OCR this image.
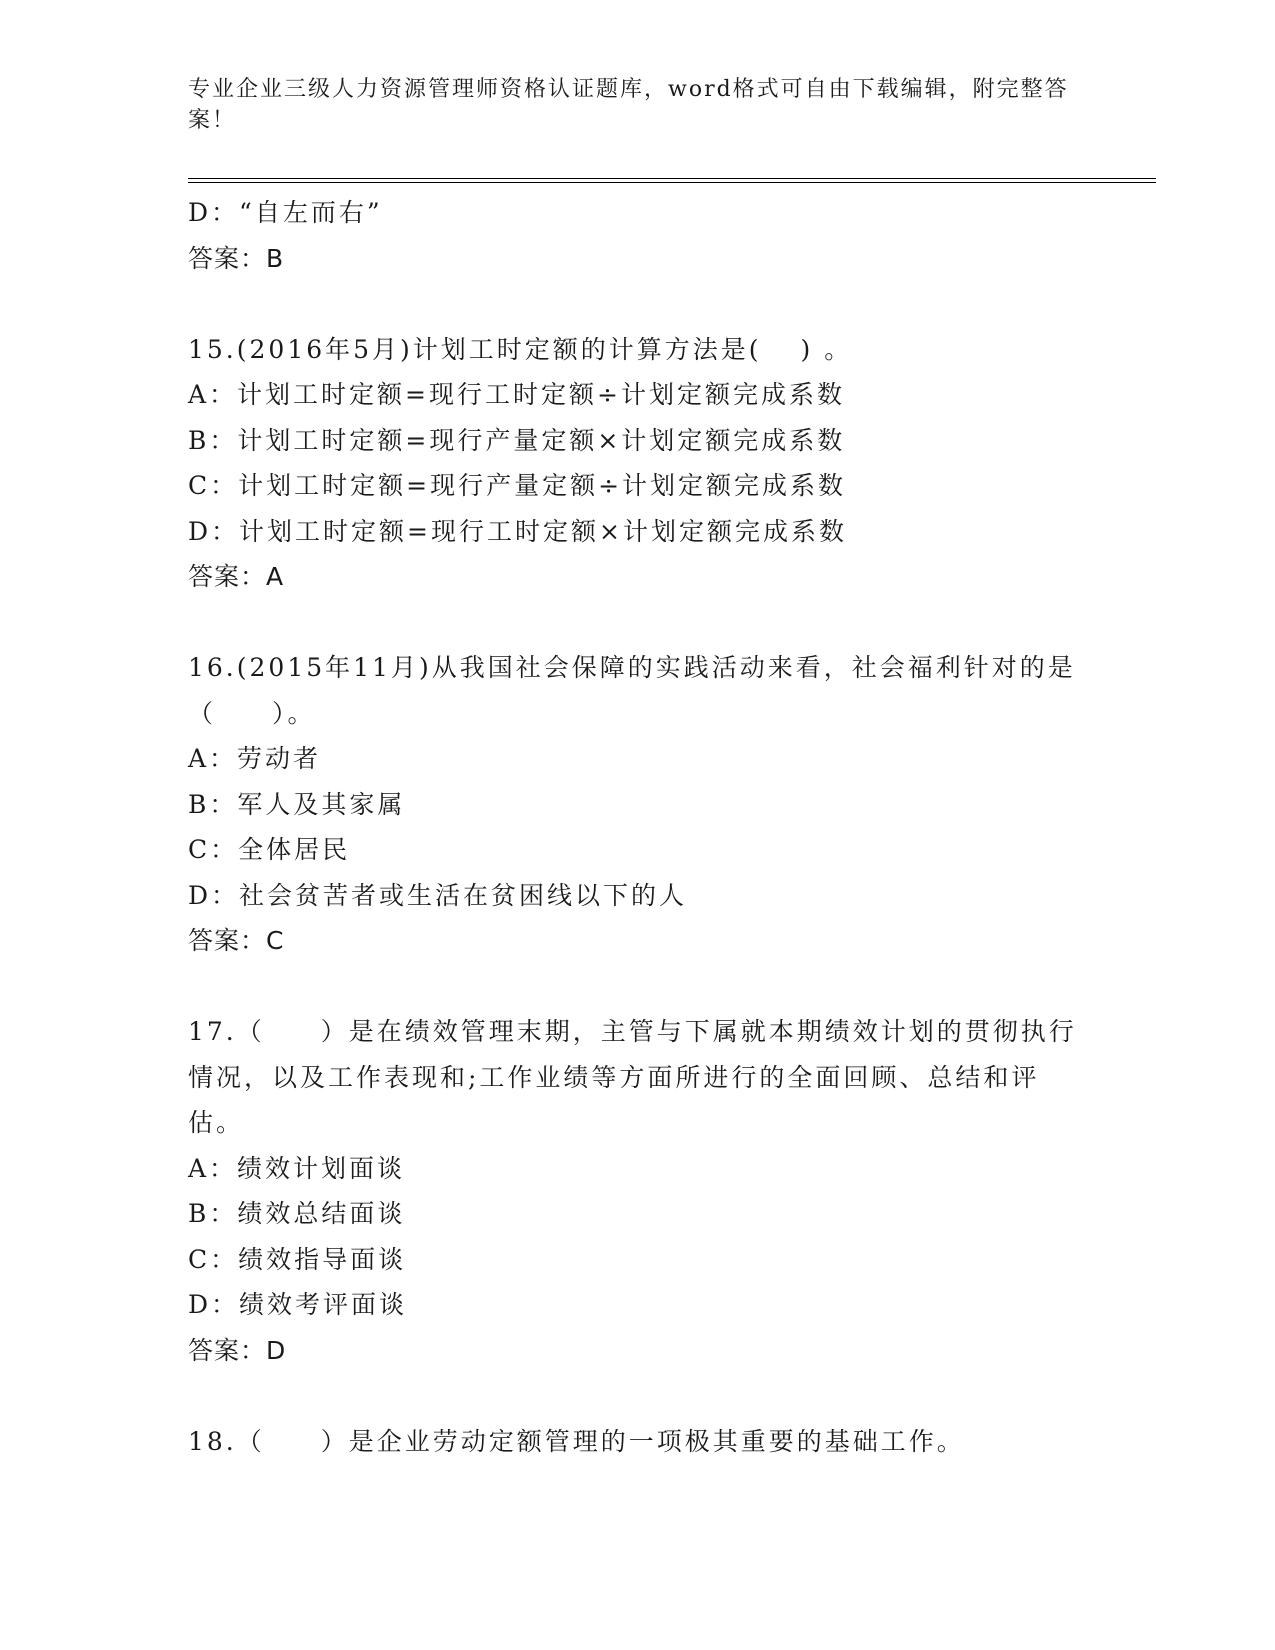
专业企业三级人力资源管理师资格认证题库，word格式可自由下载编辑，附完整答案！
D：“自左而右”
答案：B
15.(2016年5月)计划工时定额的计算方法是(　 ) 。
A：计划工时定额=现行工时定额÷计划定额完成系数
B：计划工时定额=现行产量定额×计划定额完成系数
C：计划工时定额=现行产量定额÷计划定额完成系数
D：计划工时定额=现行工时定额×计划定额完成系数
答案：A
16.(2015年11月)从我国社会保障的实践活动来看，社会福利针对的是（　　）。
A：劳动者
B：军人及其家属
C：全体居民
D：社会贫苦者或生活在贫困线以下的人
答案：C
17.（　　）是在绩效管理末期，主管与下属就本期绩效计划的贯彻执行情况，以及工作表现和;工作业绩等方面所进行的全面回顾、总结和评估。
A：绩效计划面谈
B：绩效总结面谈
C：绩效指导面谈
D：绩效考评面谈
答案：D
18.（　　）是企业劳动定额管理的一项极其重要的基础工作。
